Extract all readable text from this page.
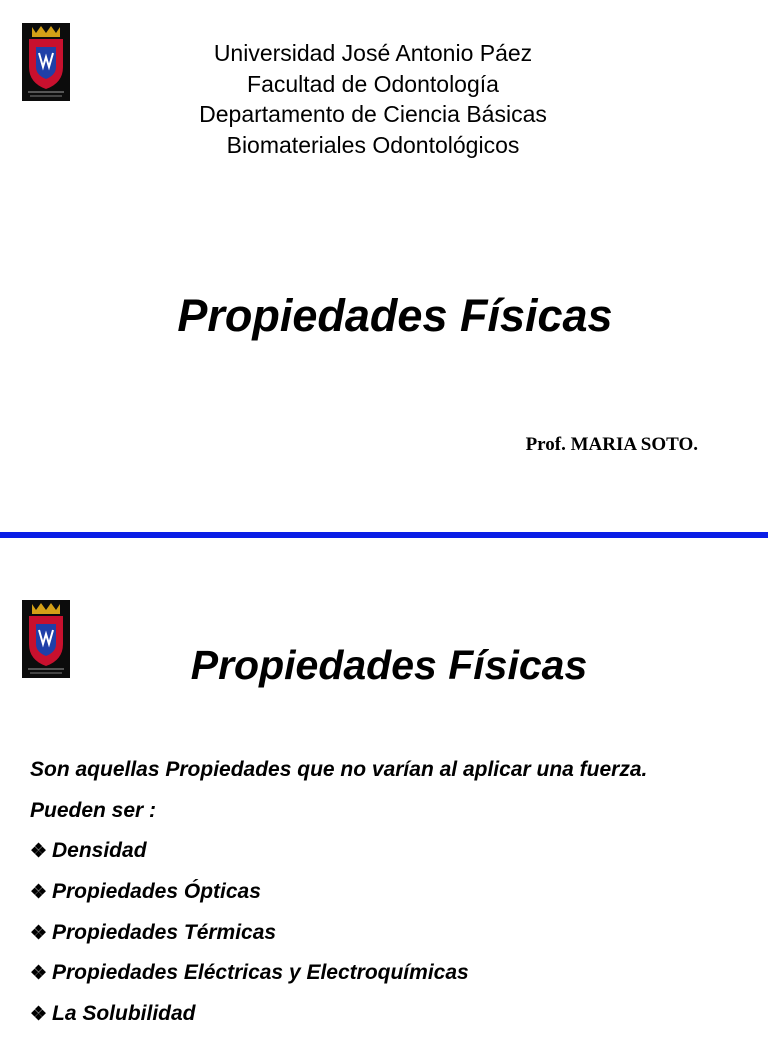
Universidad José Antonio Páez
Facultad de Odontología
Departamento de Ciencia Básicas
Biomateriales Odontológicos
Propiedades Físicas
Prof. MARIA SOTO.
Propiedades Físicas
Son aquellas Propiedades que no varían al aplicar una fuerza.
Pueden ser :
❖ Densidad
❖ Propiedades Ópticas
❖ Propiedades Térmicas
❖ Propiedades Eléctricas y Electroquímicas
❖ La Solubilidad
